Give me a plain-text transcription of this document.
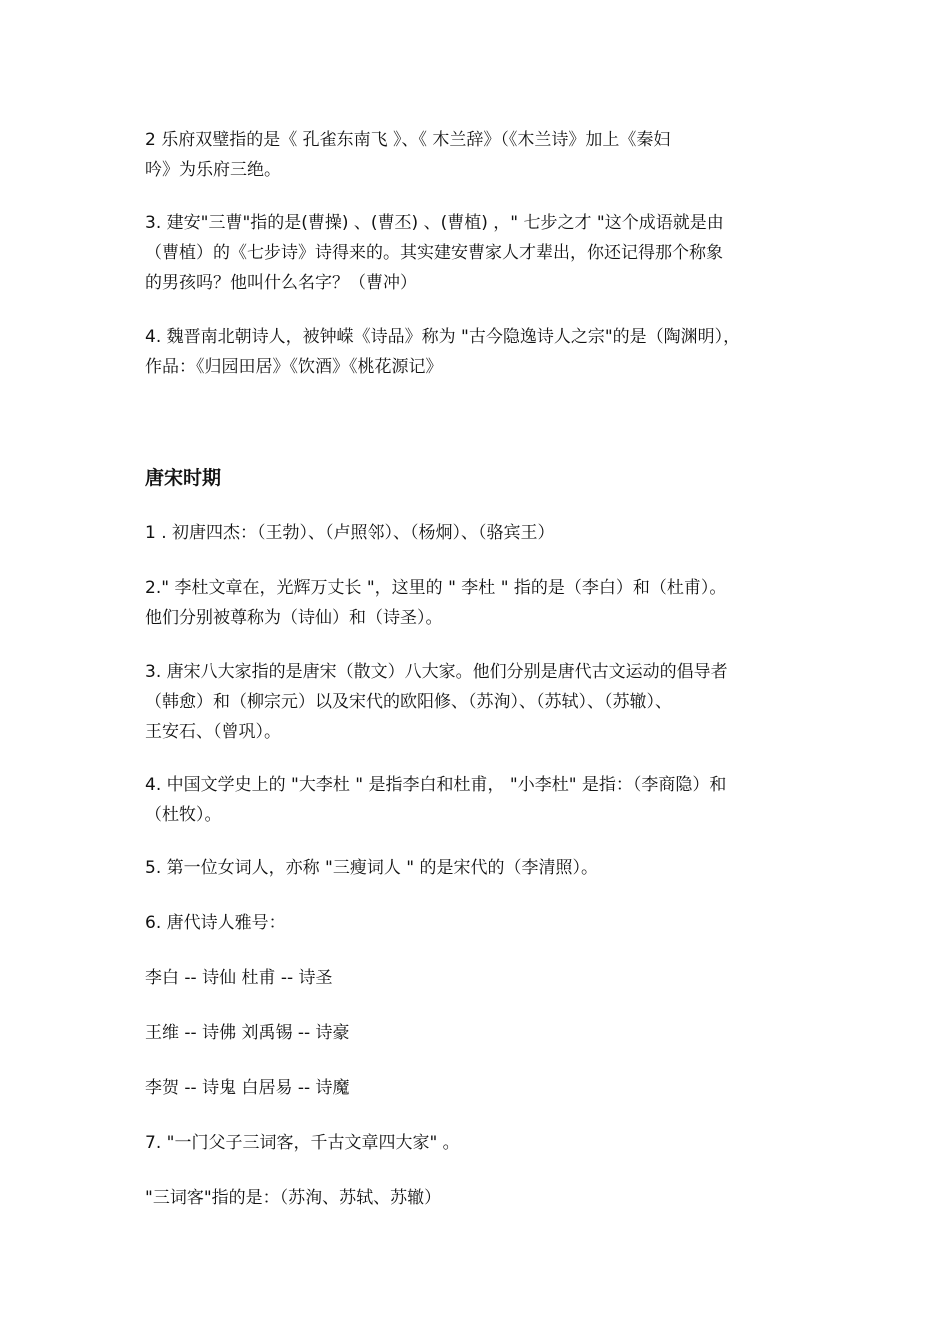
2 乐府双璧指的是《 孔雀东南飞 》、《 木兰辞》（《木兰诗》加上《秦妇
吟》为乐府三绝。
3. 建安"三曹"指的是(曹操) 、(曹丕) 、(曹植) ，" 七步之才 "这个成语就是由
（曹植）的《七步诗》诗得来的。其实建安曹家人才辈出，你还记得那个称象
的男孩吗？他叫什么名字？（曹冲）
4. 魏晋南北朝诗人，被钟嵘《诗品》称为 "古今隐逸诗人之宗"的是（陶渊明），
作品：《归园田居》《饮酒》《桃花源记》
唐宋时期
1 . 初唐四杰：（王勃）、（卢照邻）、（杨炯）、（骆宾王）
2." 李杜文章在，光辉万丈长 "，这里的 " 李杜 " 指的是（李白）和（杜甫）。
他们分别被尊称为（诗仙）和（诗圣）。
3. 唐宋八大家指的是唐宋（散文）八大家。他们分别是唐代古文运动的倡导者
（韩愈）和（柳宗元）以及宋代的欧阳修、（苏洵）、（苏轼）、（苏辙）、
王安石、（曾巩）。
4. 中国文学史上的 "大李杜 " 是指李白和杜甫， "小李杜" 是指：（李商隐）和
（杜牧）。
5. 第一位女词人，亦称 "三瘦词人 " 的是宋代的（李清照）。
6. 唐代诗人雅号：
李白 -- 诗仙 杜甫 -- 诗圣
王维 -- 诗佛 刘禹锡 -- 诗豪
李贺 -- 诗鬼 白居易 -- 诗魔
7. "一门父子三词客，千古文章四大家" 。
"三词客"指的是：（苏洵、苏轼、苏辙）
